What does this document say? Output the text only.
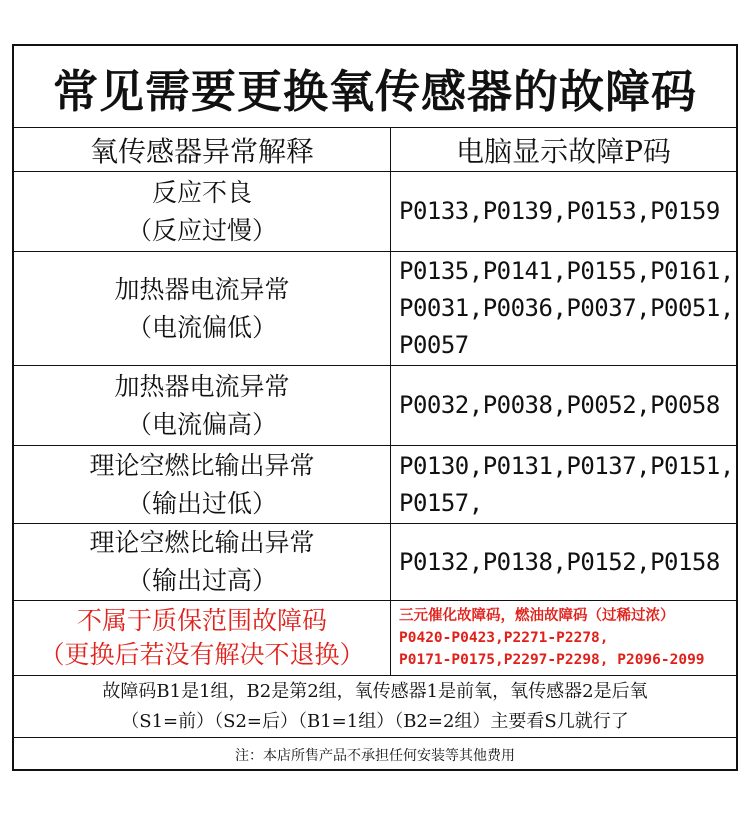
常见需要更换氧传感器的故障码
氧传感器异常解释	电脑显示故障P码
反应不良
（反应过慢）
P0133,P0139,P0153,P0159
加热器电流异常
（电流偏低）
P0135,P0141,P0155,P0161,
P0031,P0036,P0037,P0051,
P0057
加热器电流异常
（电流偏高）
P0032,P0038,P0052,P0058
理论空燃比输出异常
（输出过低）
P0130,P0131,P0137,P0151,
P0157,
理论空燃比输出异常
（输出过高）
P0132,P0138,P0152,P0158
不属于质保范围故障码
（更换后若没有解决不退换）
三元催化故障码，燃油故障码（过稀过浓）
P0420-P0423,P2271-P2278,
P0171-P0175,P2297-P2298, P2096-2099
故障码B1是1组，B2是第2组，氧传感器1是前氧，氧传感器2是后氧
（S1=前）（S2=后）（B1=1组）（B2=2组）主要看S几就行了
注：本店所售产品不承担任何安装等其他费用
